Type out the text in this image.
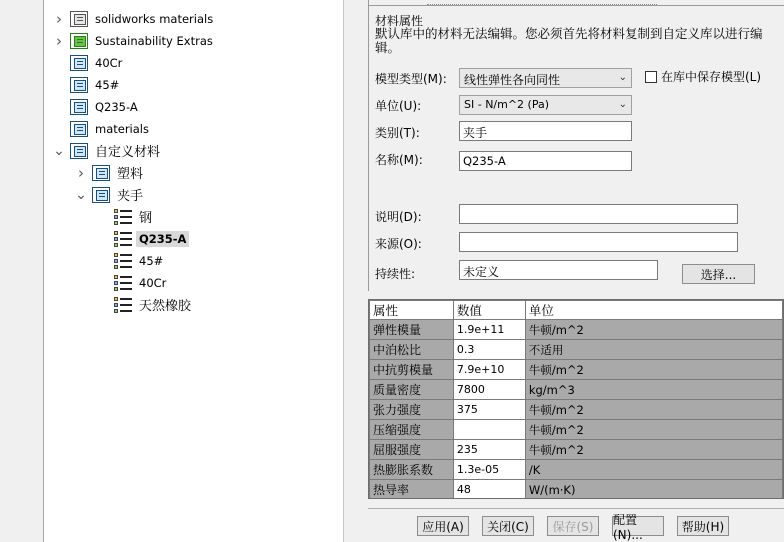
›	solidworks materials
›	Sustainability Extras
40Cr
45#
Q235-A
materials
⌄ 自定义材料
›	塑料
⌄ 夹手
钢
Q235-A
45#
40Cr
天然橡胶
材料属性
默认库中的材料无法编辑。您必须首先将材料复制到自定义库以进行编辑。
模型类型(M):	线性弹性各向同性	⌄	在库中保存模型(L)
单位(U):	SI - N/m^2 (Pa)	⌄
类别(T):	夹手
名称(M):	Q235-A
说明(D):
来源(O):
持续性:	未定义	选择...
属性	数值	单位
弹性模量	1.9e+11	牛顿/m^2
中泊松比	0.3	不适用
中抗剪模量	7.9e+10	牛顿/m^2
质量密度	7800	kg/m^3
张力强度	375	牛顿/m^2
压缩强度		牛顿/m^2
屈服强度	235	牛顿/m^2
热膨胀系数	1.3e-05	/K
热导率	48	W/(m·K)
应用(A)	关闭(C)	保存(S)	配置(N)...
帮助(H)
